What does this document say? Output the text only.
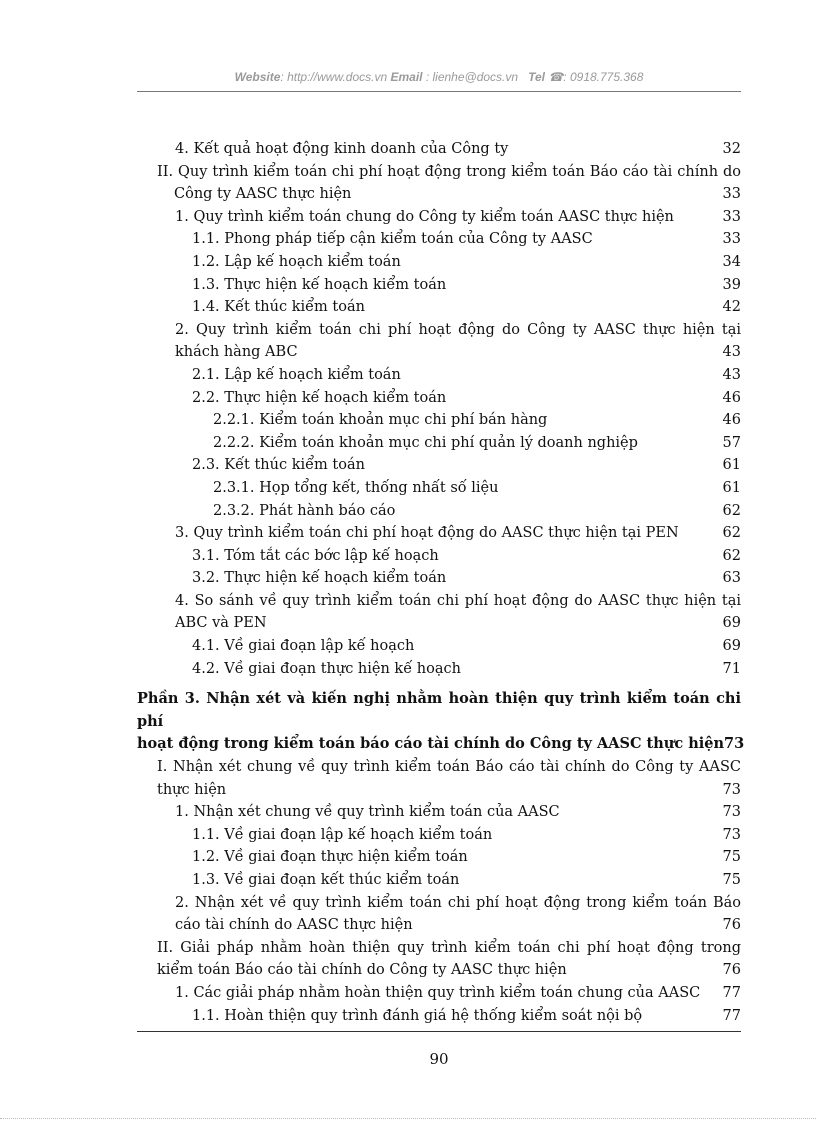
Website: http://www.docs.vn Email : lienhe@docs.vn Tel ☎: 0918.775.368
4. Kết quả hoạt động kinh doanh của Công ty	32
II. Quy trình kiểm toán chi phí hoạt động trong kiểm toán Báo cáo tài chính do
Công ty AASC thực hiện	33
1. Quy trình kiểm toán chung do Công ty kiểm toán AASC thực hiện	33
1.1. Phong pháp tiếp cận kiểm toán của Công ty AASC	33
1.2. Lập kế hoạch kiểm toán	34
1.3. Thực hiện kế hoạch kiểm toán	39
1.4. Kết thúc kiểm toán	42
2. Quy trình kiểm toán chi phí hoạt động do Công ty AASC thực hiện tại
khách hàng ABC	43
2.1. Lập kế hoạch kiểm toán	43
2.2. Thực hiện kế hoạch kiểm toán	46
2.2.1. Kiểm toán khoản mục chi phí bán hàng	46
2.2.2. Kiểm toán khoản mục chi phí quản lý doanh nghiệp	57
2.3. Kết thúc kiểm toán	61
2.3.1. Họp tổng kết, thống nhất số liệu	61
2.3.2. Phát hành báo cáo	62
3. Quy trình kiểm toán chi phí hoạt động do AASC thực hiện tại PEN	62
3.1. Tóm tắt các bớc lập kế hoạch	62
3.2. Thực hiện kế hoạch kiểm toán	63
4. So sánh về quy trình kiểm toán chi phí hoạt động do AASC thực hiện tại
ABC và PEN	69
4.1. Về giai đoạn lập kế hoạch	69
4.2. Về giai đoạn thực hiện kế hoạch	71
Phần 3. Nhận xét và kiến nghị nhằm hoàn thiện quy trình kiểm toán chi phí
hoạt động trong kiểm toán báo cáo tài chính do Công ty AASC thực hiện 73
I. Nhận xét chung về quy trình kiểm toán Báo cáo tài chính do Công ty AASC
thực hiện	73
1. Nhận xét chung về quy trình kiểm toán của AASC	73
1.1. Về giai đoạn lập kế hoạch kiểm toán	73
1.2. Về giai đoạn thực hiện kiểm toán	75
1.3. Về giai đoạn kết thúc kiểm toán	75
2. Nhận xét về quy trình kiểm toán chi phí hoạt động trong kiểm toán Báo
cáo tài chính do AASC thực hiện	76
II. Giải pháp nhằm hoàn thiện quy trình kiểm toán chi phí hoạt động trong
kiểm toán Báo cáo tài chính do Công ty AASC thực hiện	76
1. Các giải pháp nhằm hoàn thiện quy trình kiểm toán chung của AASC	77
1.1. Hoàn thiện quy trình đánh giá hệ thống kiểm soát nội bộ	77
90
